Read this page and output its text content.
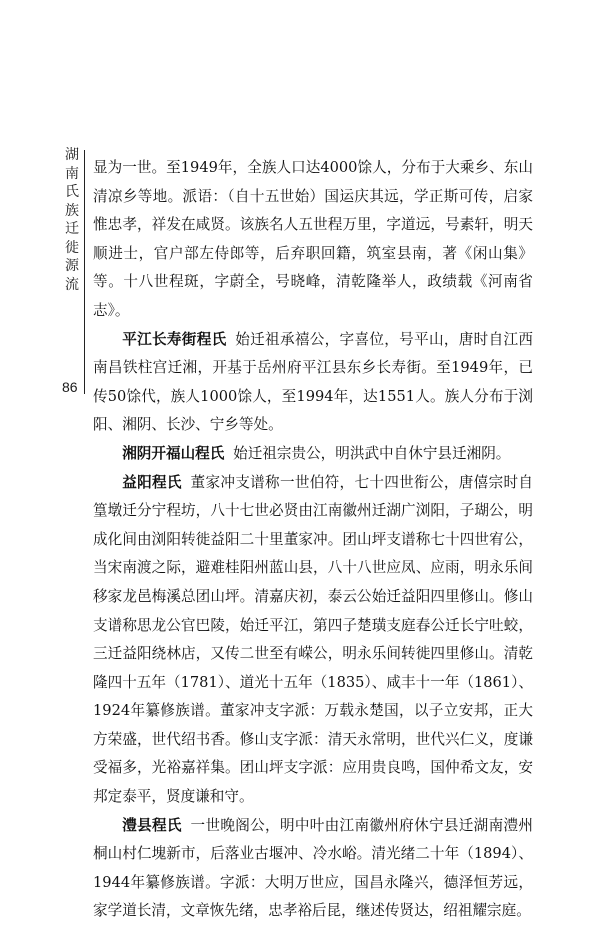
湖南氏族迁徙源流
86

显为一世。至1949年，全族人口达4000馀人，分布于大乘乡、东山清凉乡等地。派语：（自十五世始）国运庆其远，学正斯可传，启家惟忠孝，祥发在咸贤。该族名人五世程万里，字道远，号素轩，明天顺进士，官户部左侍郎等，后弃职回籍，筑室县南，著《闲山集》等。十八世程斑，字蔚全，号晓峰，清乾隆举人，政绩载《河南省志》。

平江长寿街程氏 始迁祖承禧公，字喜位，号平山，唐时自江西南昌铁柱宫迁湘，开基于岳州府平江县东乡长寿街。至1949年，已传50馀代，族人1000馀人，至1994年，达1551人。族人分布于浏阳、湘阴、长沙、宁乡等处。

湘阴开福山程氏 始迁祖宗贵公，明洪武中自休宁县迁湘阴。

益阳程氏 董家冲支谱称一世伯符，七十四世衔公，唐僖宗时自篁墩迁分宁程坊，八十七世必贤由江南徽州迁湖广浏阳，子瑚公，明成化间由浏阳转徙益阳二十里董家冲。团山坪支谱称七十四世宥公，当宋南渡之际，避难桂阳州蓝山县，八十八世应凤、应雨，明永乐间移家龙邑梅溪总团山坪。清嘉庆初，泰云公始迁益阳四里修山。修山支谱称思龙公官巴陵，始迁平江，第四子楚璜支庭春公迁长宁吐蛟，三迁益阳绕林店，又传二世至有嵘公，明永乐间转徙四里修山。清乾隆四十五年（1781）、道光十五年（1835）、咸丰十一年（1861）、1924年纂修族谱。董家冲支字派：万载永楚国，以子立安邦，正大方荣盛，世代绍书香。修山支字派：清天永常明，世代兴仁义，度谦受福多，光裕嘉祥集。团山坪支字派：应用贵良鸣，国仲希文友，安邦定泰平，贤度谦和守。

澧县程氏 一世晚阁公，明中叶由江南徽州府休宁县迁湖南澧州桐山村仁塊新市，后落业古堰冲、冷水峪。清光绪二十年（1894）、1944年纂修族谱。字派：大明万世应，国昌永隆兴，德泽恒芳远，家学道长清，文章恢先绪，忠孝裕后昆，继述传贤达，绍祖耀宗庭。
